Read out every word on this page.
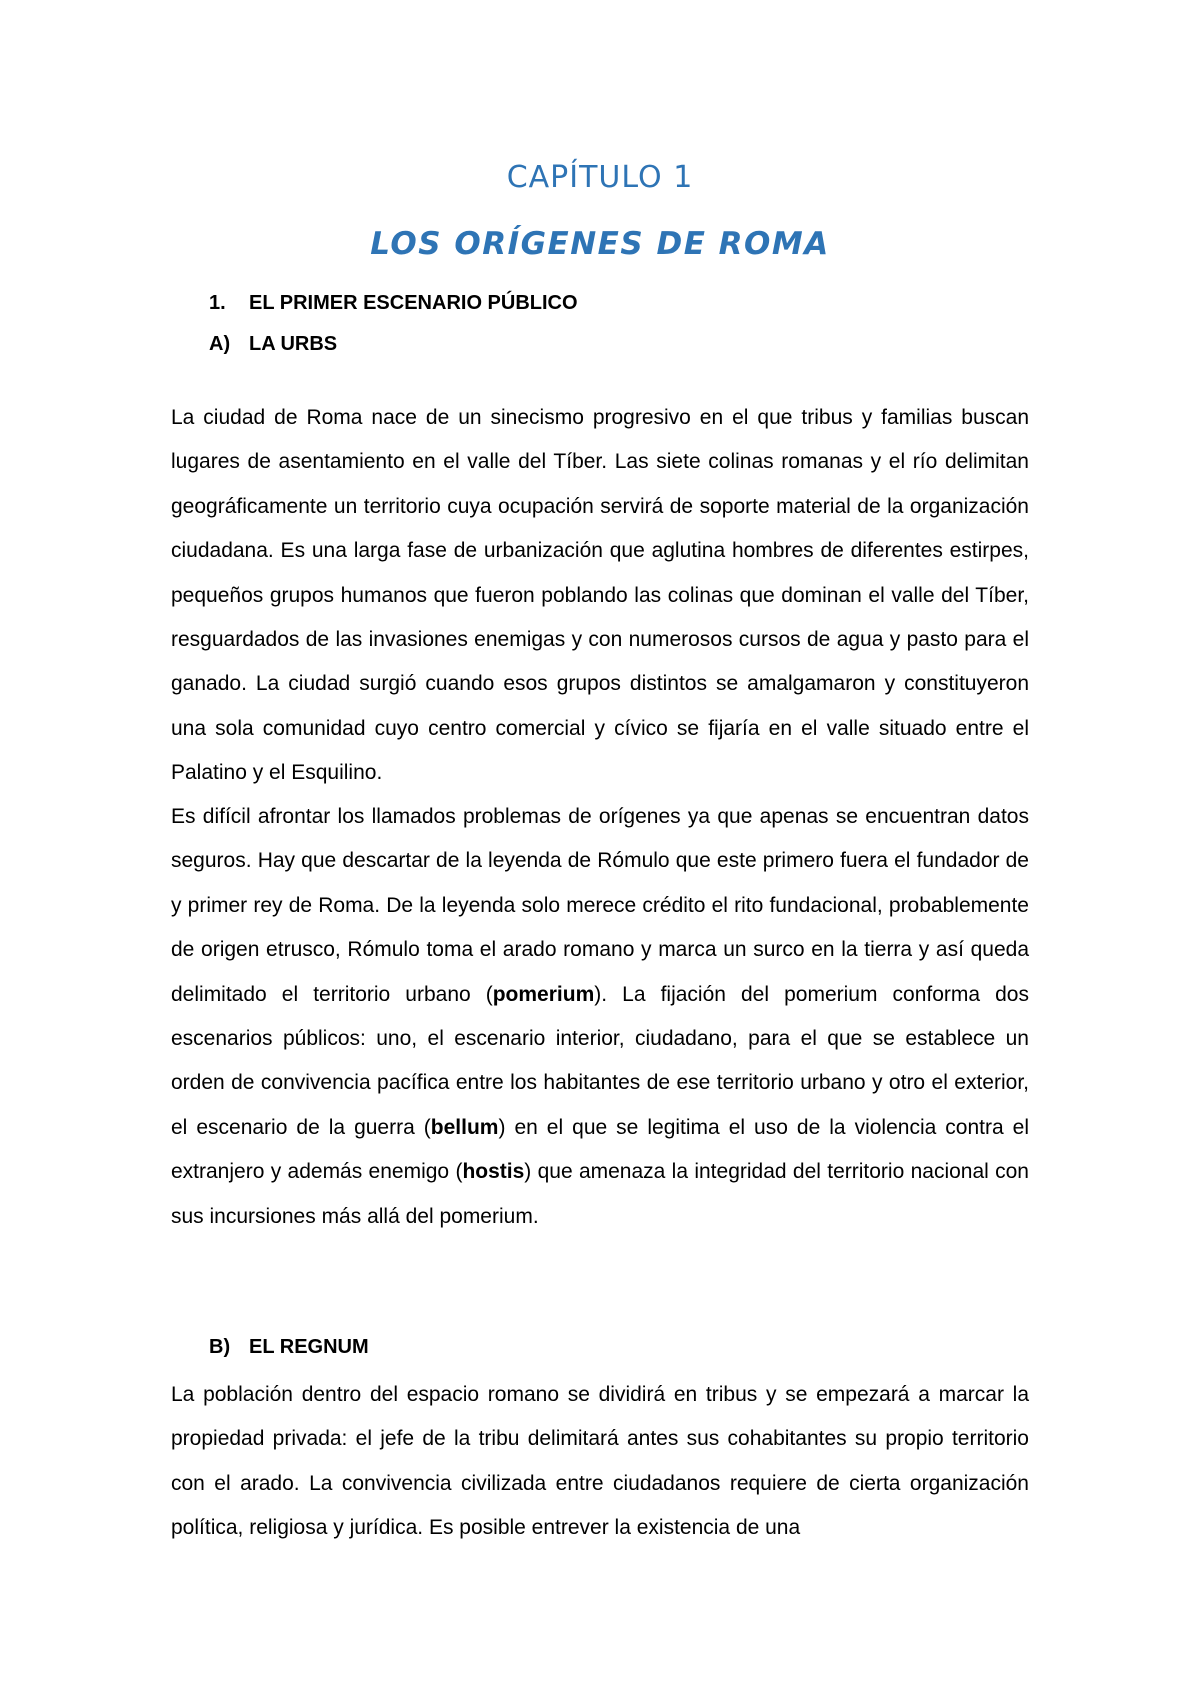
CAPÍTULO 1
LOS ORÍGENES DE ROMA
1. EL PRIMER ESCENARIO PÚBLICO
A) LA URBS

La ciudad de Roma nace de un sinecismo progresivo en el que tribus y familias buscan lugares de asentamiento en el valle del Tíber. Las siete colinas romanas y el río delimitan geográficamente un territorio cuya ocupación servirá de soporte material de la organización ciudadana. Es una larga fase de urbanización que aglutina hombres de diferentes estirpes, pequeños grupos humanos que fueron poblando las colinas que dominan el valle del Tíber, resguardados de las invasiones enemigas y con numerosos cursos de agua y pasto para el ganado. La ciudad surgió cuando esos grupos distintos se amalgamaron y constituyeron una sola comunidad cuyo centro comercial y cívico se fijaría en el valle situado entre el Palatino y el Esquilino.

Es difícil afrontar los llamados problemas de orígenes ya que apenas se encuentran datos seguros. Hay que descartar de la leyenda de Rómulo que este primero fuera el fundador de y primer rey de Roma. De la leyenda solo merece crédito el rito fundacional, probablemente de origen etrusco, Rómulo toma el arado romano y marca un surco en la tierra y así queda delimitado el territorio urbano (pomerium). La fijación del pomerium conforma dos escenarios públicos: uno, el escenario interior, ciudadano, para el que se establece un orden de convivencia pacífica entre los habitantes de ese territorio urbano y otro el exterior, el escenario de la guerra (bellum) en el que se legitima el uso de la violencia contra el extranjero y además enemigo (hostis) que amenaza la integridad del territorio nacional con sus incursiones más allá del pomerium.

B) EL REGNUM

La población dentro del espacio romano se dividirá en tribus y se empezará a marcar la propiedad privada: el jefe de la tribu delimitará antes sus cohabitantes su propio territorio con el arado. La convivencia civilizada entre ciudadanos requiere de cierta organización política, religiosa y jurídica. Es posible entrever la existencia de una
